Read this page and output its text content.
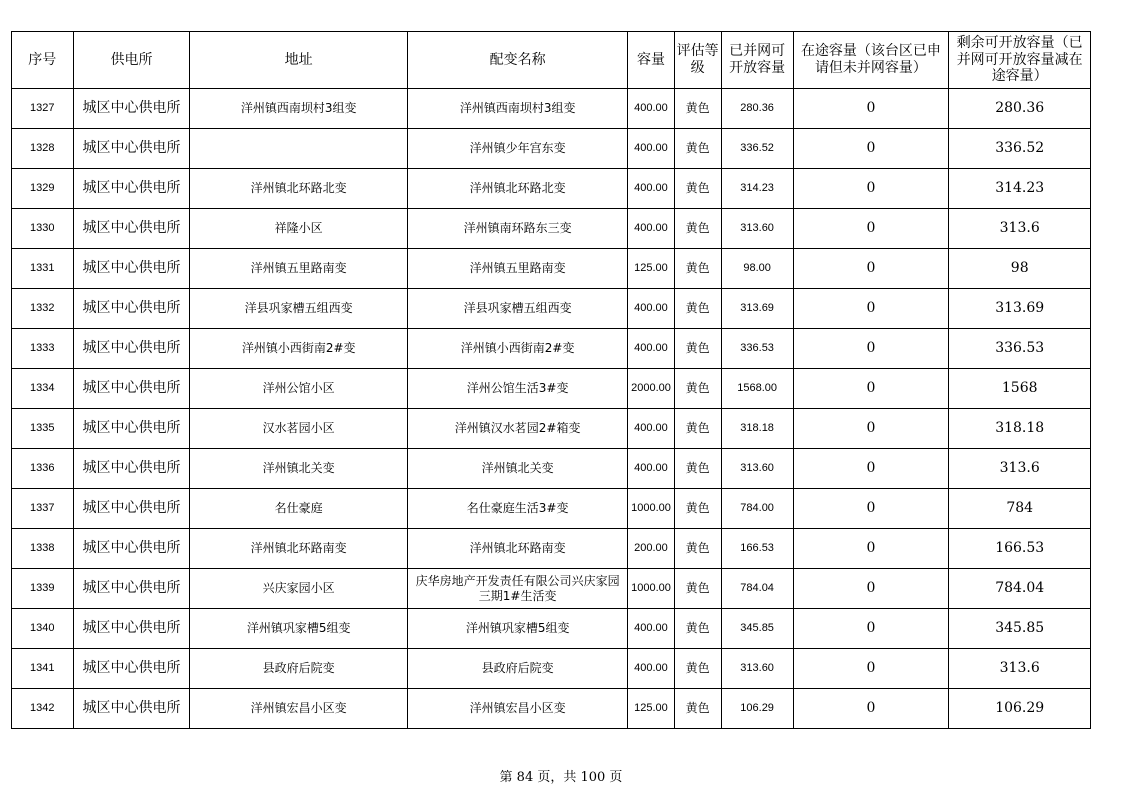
序号	供电所	地址	配变名称	容量	评估等级	已并网可开放容量	在途容量（该台区已申请但未并网容量）	剩余可开放容量（已并网可开放容量减在途容量）
1327	城区中心供电所	洋州镇西南坝村3组变	洋州镇西南坝村3组变	400.00	黄色	280.36	0	280.36
1328	城区中心供电所		洋州镇少年宫东变	400.00	黄色	336.52	0	336.52
1329	城区中心供电所	洋州镇北环路北变	洋州镇北环路北变	400.00	黄色	314.23	0	314.23
1330	城区中心供电所	祥隆小区	洋州镇南环路东三变	400.00	黄色	313.60	0	313.6
1331	城区中心供电所	洋州镇五里路南变	洋州镇五里路南变	125.00	黄色	98.00	0	98
1332	城区中心供电所	洋县巩家槽五组西变	洋县巩家槽五组西变	400.00	黄色	313.69	0	313.69
1333	城区中心供电所	洋州镇小西街南2#变	洋州镇小西街南2#变	400.00	黄色	336.53	0	336.53
1334	城区中心供电所	洋州公馆小区	洋州公馆生活3#变	2000.00	黄色	1568.00	0	1568
1335	城区中心供电所	汉水茗园小区	洋州镇汉水茗园2#箱变	400.00	黄色	318.18	0	318.18
1336	城区中心供电所	洋州镇北关变	洋州镇北关变	400.00	黄色	313.60	0	313.6
1337	城区中心供电所	名仕豪庭	名仕豪庭生活3#变	1000.00	黄色	784.00	0	784
1338	城区中心供电所	洋州镇北环路南变	洋州镇北环路南变	200.00	黄色	166.53	0	166.53
1339	城区中心供电所	兴庆家园小区	庆华房地产开发责任有限公司兴庆家园三期1#生活变	1000.00	黄色	784.04	0	784.04
1340	城区中心供电所	洋州镇巩家槽5组变	洋州镇巩家槽5组变	400.00	黄色	345.85	0	345.85
1341	城区中心供电所	县政府后院变	县政府后院变	400.00	黄色	313.60	0	313.6
1342	城区中心供电所	洋州镇宏昌小区变	洋州镇宏昌小区变	125.00	黄色	106.29	0	106.29
第 84 页，共 100 页
